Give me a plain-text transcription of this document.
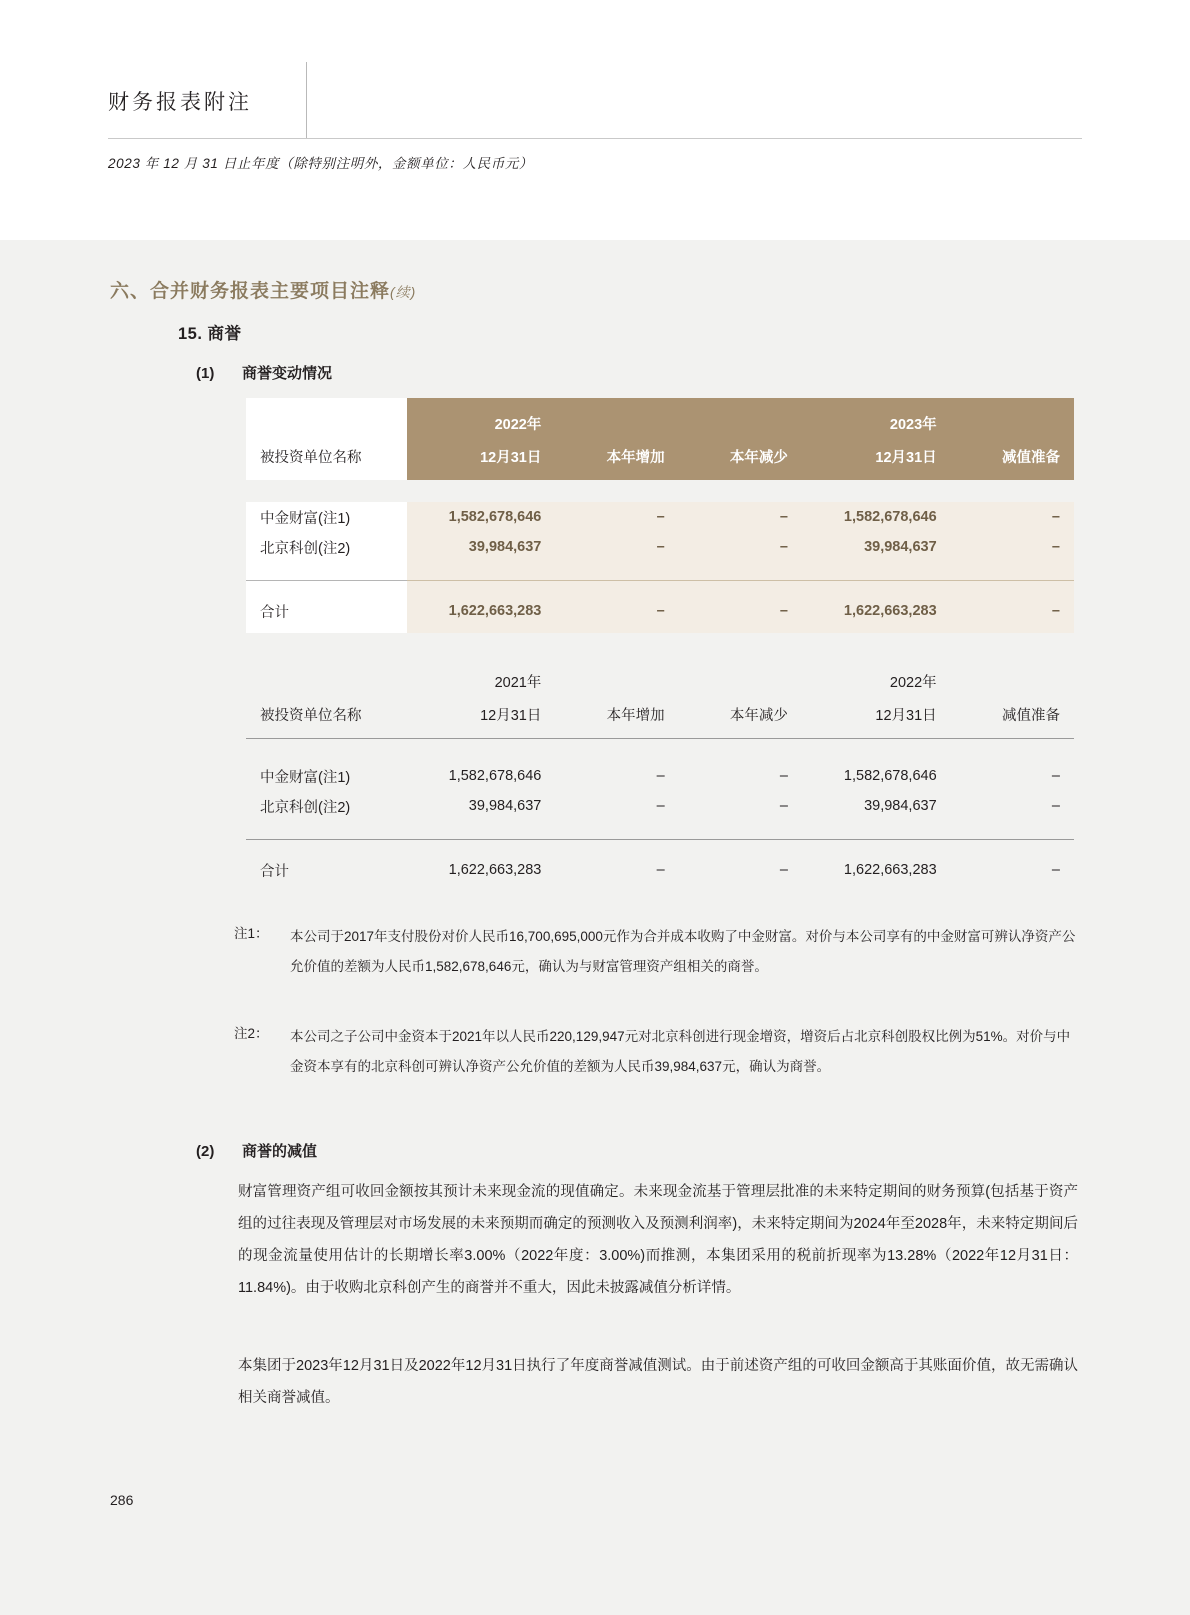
财务报表附注
2023 年 12 月 31 日止年度（除特别注明外，金额单位：人民币元）
六、合并财务报表主要项目注释(续)
15. 商誉
(1) 商誉变动情况
	2022年			2023年	
被投资单位名称	12月31日	本年增加	本年减少	12月31日	减值准备

中金财富(注1)	1,582,678,646	–	–	1,582,678,646	–
北京科创(注2)	39,984,637	–	–	39,984,637	–

合计	1,622,663,283	–	–	1,622,663,283	–
	2021年			2022年	
被投资单位名称	12月31日	本年增加	本年减少	12月31日	减值准备

中金财富(注1)	1,582,678,646	–	–	1,582,678,646	–
北京科创(注2)	39,984,637	–	–	39,984,637	–

合计	1,622,663,283	–	–	1,622,663,283	–
注1： 本公司于2017年支付股份对价人民币16,700,695,000元作为合并成本收购了中金财富。对价与本公司享有的中金财富可辨认净资产公允价值的差额为人民币1,582,678,646元，确认为与财富管理资产组相关的商誉。
注2： 本公司之子公司中金资本于2021年以人民币220,129,947元对北京科创进行现金增资，增资后占北京科创股权比例为51%。对价与中金资本享有的北京科创可辨认净资产公允价值的差额为人民币39,984,637元，确认为商誉。
(2) 商誉的减值
财富管理资产组可收回金额按其预计未来现金流的现值确定。未来现金流基于管理层批准的未来特定期间的财务预算(包括基于资产组的过往表现及管理层对市场发展的未来预期而确定的预测收入及预测利润率)，未来特定期间为2024年至2028年，未来特定期间后的现金流量使用估计的长期增长率3.00%（2022年度：3.00%)而推测，本集团采用的税前折现率为13.28%（2022年12月31日：11.84%)。由于收购北京科创产生的商誉并不重大，因此未披露减值分析详情。
本集团于2023年12月31日及2022年12月31日执行了年度商誉减值测试。由于前述资产组的可收回金额高于其账面价值，故无需确认相关商誉减值。
286
